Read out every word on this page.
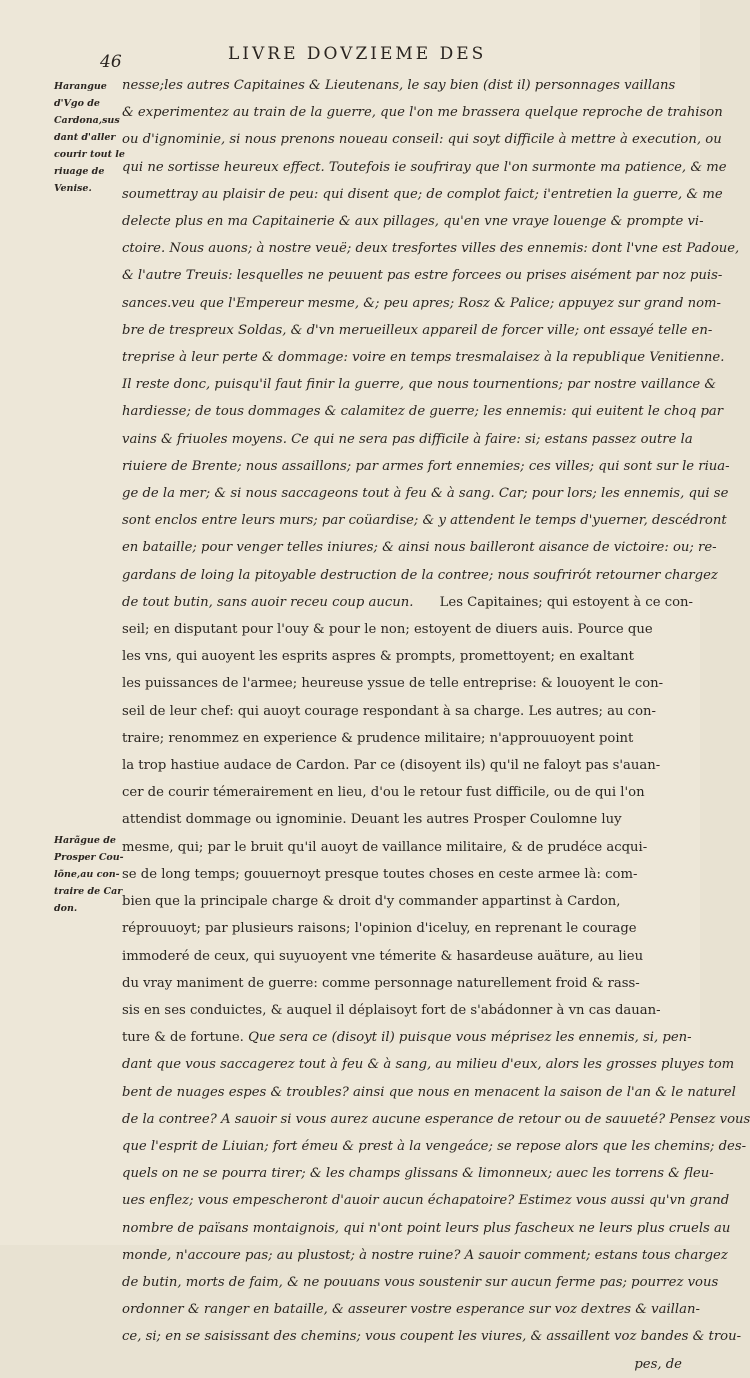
46	LIVRE DOVZIEME DES

Harangue

d'Vgo de

Cardona,sus

dant d'aller

courir tout le

riuage de

Venise.

Harãgue de

Prosper Cou-

lõne,au con-

traire de Car

don.

nesse;les autres Capitaines & Lieutenans, le say bien (dist il) personnages vaillans
& experimentez au train de la guerre, que l'on me brassera quelque reproche de trahison
ou d'ignominie, si nous prenons noueau conseil: qui soyt difficile à mettre à execution, ou
qui ne sortisse heureux effect. Toutefois ie soufriray que l'on surmonte ma patience, & me
soumettray au plaisir de peu: qui disent que; de complot faict; i'entretien la guerre, & me
delecte plus en ma Capitainerie & aux pillages, qu'en vne vraye louenge & prompte vi-
ctoire. Nous auons; à nostre veuë; deux tresfortes villes des ennemis: dont l'vne est Padoue,
& l'autre Treuis: lesquelles ne peuuent pas estre forcees ou prises aisément par noz puis-
sances.veu que l'Empereur mesme, &; peu apres; Rosz & Palice; appuyez sur grand nom-
bre de trespreux Soldas, & d'vn merueilleux appareil de forcer ville; ont essayé telle en-
treprise à leur perte & dommage: voire en temps tresmalaisez à la republique Venitienne.
Il reste donc, puisqu'il faut finir la guerre, que nous tournentions; par nostre vaillance &
hardiesse; de tous dommages & calamitez de guerre; les ennemis: qui euitent le choq par
vains & friuoles moyens. Ce qui ne sera pas difficile à faire: si; estans passez outre la
riuiere de Brente; nous assaillons; par armes fort ennemies; ces villes; qui sont sur le riua-
ge de la mer; & si nous saccageons tout à feu & à sang. Car; pour lors; les ennemis, qui se
sont enclos entre leurs murs; par coüardise; & y attendent le temps d'yuerner, descédront
en bataille; pour venger telles iniures; & ainsi nous bailleront aisance de victoire: ou; re-
gardans de loing la pitoyable destruction de la contree; nous soufrirót retourner chargez
de tout butin, sans auoir receu coup aucun. Les Capitaines; qui estoyent à ce con-
seil; en disputant pour l'ouy & pour le non; estoyent de diuers auis. Pource que
les vns, qui auoyent les esprits aspres & prompts, promettoyent; en exaltant
les puissances de l'armee; heureuse yssue de telle entreprise: & louoyent le con-
seil de leur chef: qui auoyt courage respondant à sa charge. Les autres; au con-
traire; renommez en experience & prudence militaire; n'approuuoyent point
la trop hastiue audace de Cardon. Par ce (disoyent ils) qu'il ne faloyt pas s'auan-
cer de courir témerairement en lieu, d'ou le retour fust difficile, ou de qui l'on
attendist dommage ou ignominie. Deuant les autres Prosper Coulomne luy
mesme, qui; par le bruit qu'il auoyt de vaillance militaire, & de prudéce acqui-
se de long temps; gouuernoyt presque toutes choses en ceste armee là: com-
bien que la principale charge & droit d'y commander appartinst à Cardon,
réprouuoyt; par plusieurs raisons; l'opinion d'iceluy, en reprenant le courage
immoderé de ceux, qui suyuoyent vne témerite & hasardeuse auäture, au lieu
du vray maniment de guerre: comme personnage naturellement froid & rass-
sis en ses conduictes, & auquel il déplaisoyt fort de s'abádonner à vn cas dauan-
ture & de fortune. Que sera ce (disoyt il) puisque vous méprisez les ennemis, si, pen-
dant que vous saccagerez tout à feu & à sang, au milieu d'eux, alors les grosses pluyes tom
bent de nuages espes & troubles? ainsi que nous en menacent la saison de l'an & le naturel
de la contree? A sauoir si vous aurez aucune esperance de retour ou de sauueté? Pensez vous
que l'esprit de Liuian; fort émeu & prest à la vengeáce; se repose alors que les chemins; des-
quels on ne se pourra tirer; & les champs glissans & limonneux; auec les torrens & fleu-
ues enflez; vous empescheront d'auoir aucun échapatoire? Estimez vous aussi qu'vn grand
nombre de païsans montaignois, qui n'ont point leurs plus fascheux ne leurs plus cruels au
monde, n'accoure pas; au plustost; à nostre ruine? A sauoir comment; estans tous chargez
de butin, morts de faim, & ne pouuans vous soustenir sur aucun ferme pas; pourrez vous
ordonner & ranger en bataille, & asseurer vostre esperance sur voz dextres & vaillan-
ce, si; en se saisissant des chemins; vous coupent les viures, & assaillent voz bandes & trou-
pes, de
